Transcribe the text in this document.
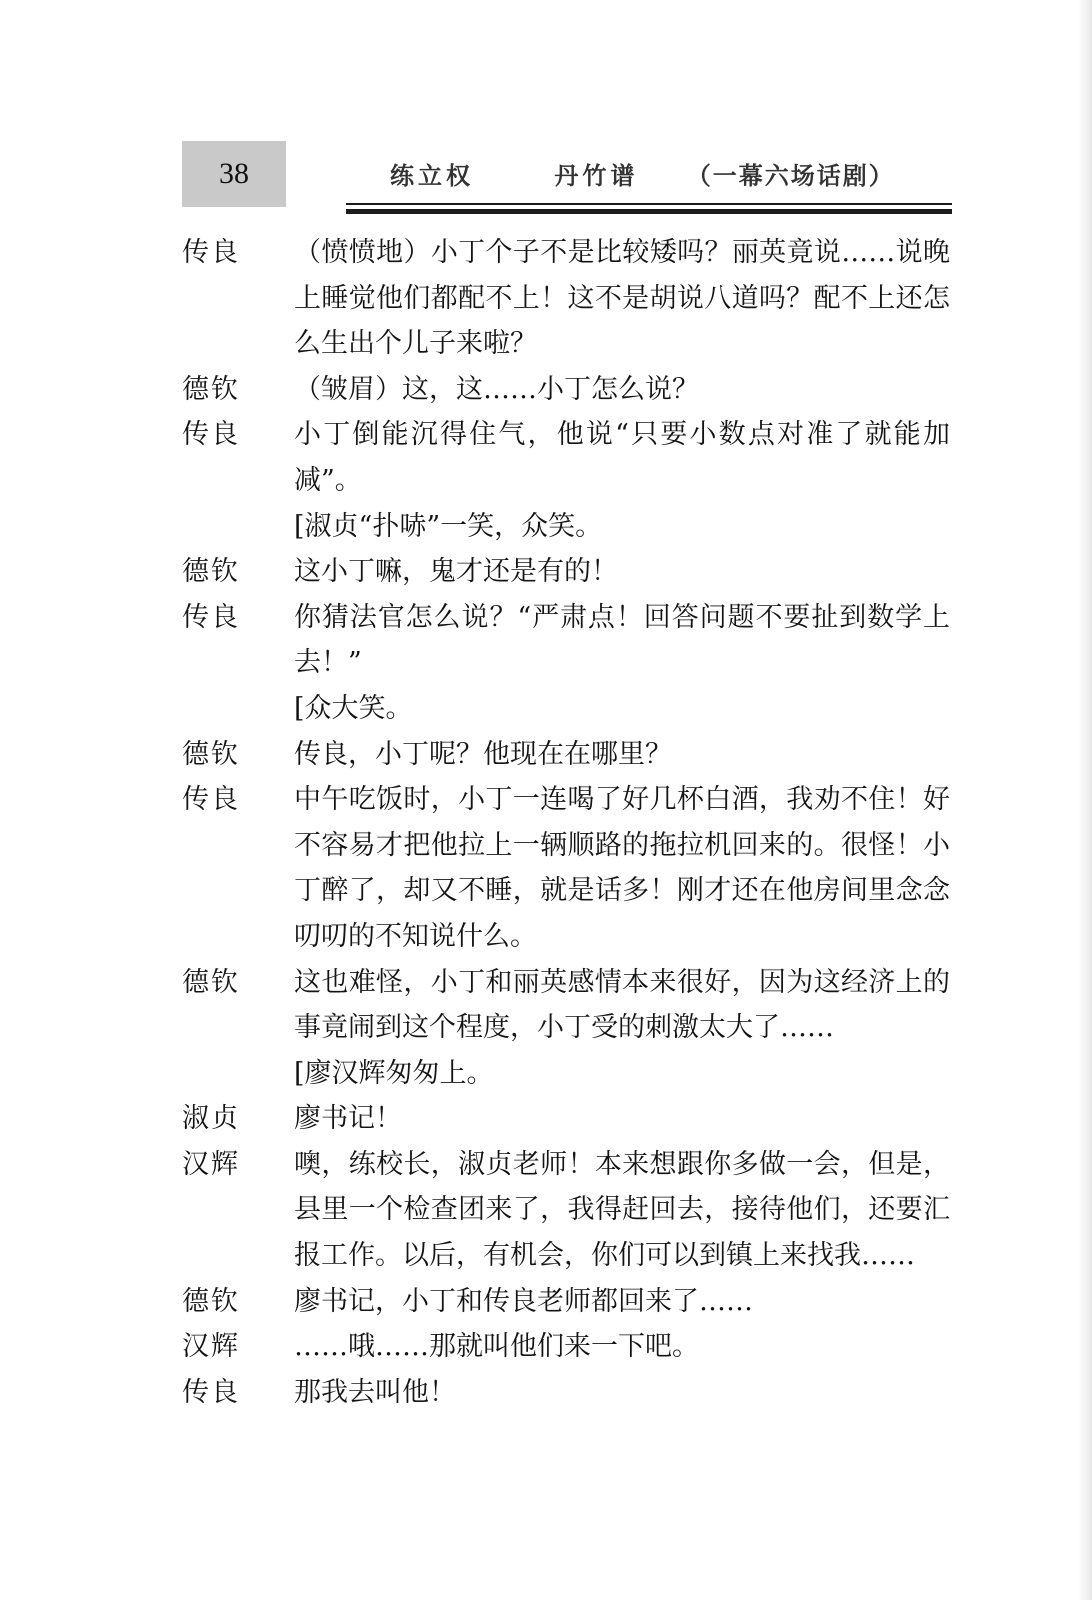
38	练立权	丹竹谱 （一幕六场话剧）
传良	（愤愤地）小丁个子不是比较矮吗？丽英竟说……说晚上睡觉他们都配不上！这不是胡说八道吗？配不上还怎么生出个儿子来啦？
德钦	（皱眉）这，这……小丁怎么说？
传良	小丁倒能沉得住气，他说“只要小数点对准了就能加减”。
[淑贞“扑哧”一笑，众笑。
德钦	这小丁嘛，鬼才还是有的！
传良	你猜法官怎么说？“严肃点！回答问题不要扯到数学上去！”
[众大笑。
德钦	传良，小丁呢？他现在在哪里？
传良	中午吃饭时，小丁一连喝了好几杯白酒，我劝不住！好不容易才把他拉上一辆顺路的拖拉机回来的。很怪！小丁醉了，却又不睡，就是话多！刚才还在他房间里念念叨叨的不知说什么。
德钦	这也难怪，小丁和丽英感情本来很好，因为这经济上的事竟闹到这个程度，小丁受的刺激太大了……
[廖汉辉匆匆上。
淑贞	廖书记！
汉辉	噢，练校长，淑贞老师！本来想跟你多做一会，但是，县里一个检查团来了，我得赶回去，接待他们，还要汇报工作。以后，有机会，你们可以到镇上来找我……
德钦	廖书记，小丁和传良老师都回来了……
汉辉	……哦……那就叫他们来一下吧。
传良	那我去叫他！
